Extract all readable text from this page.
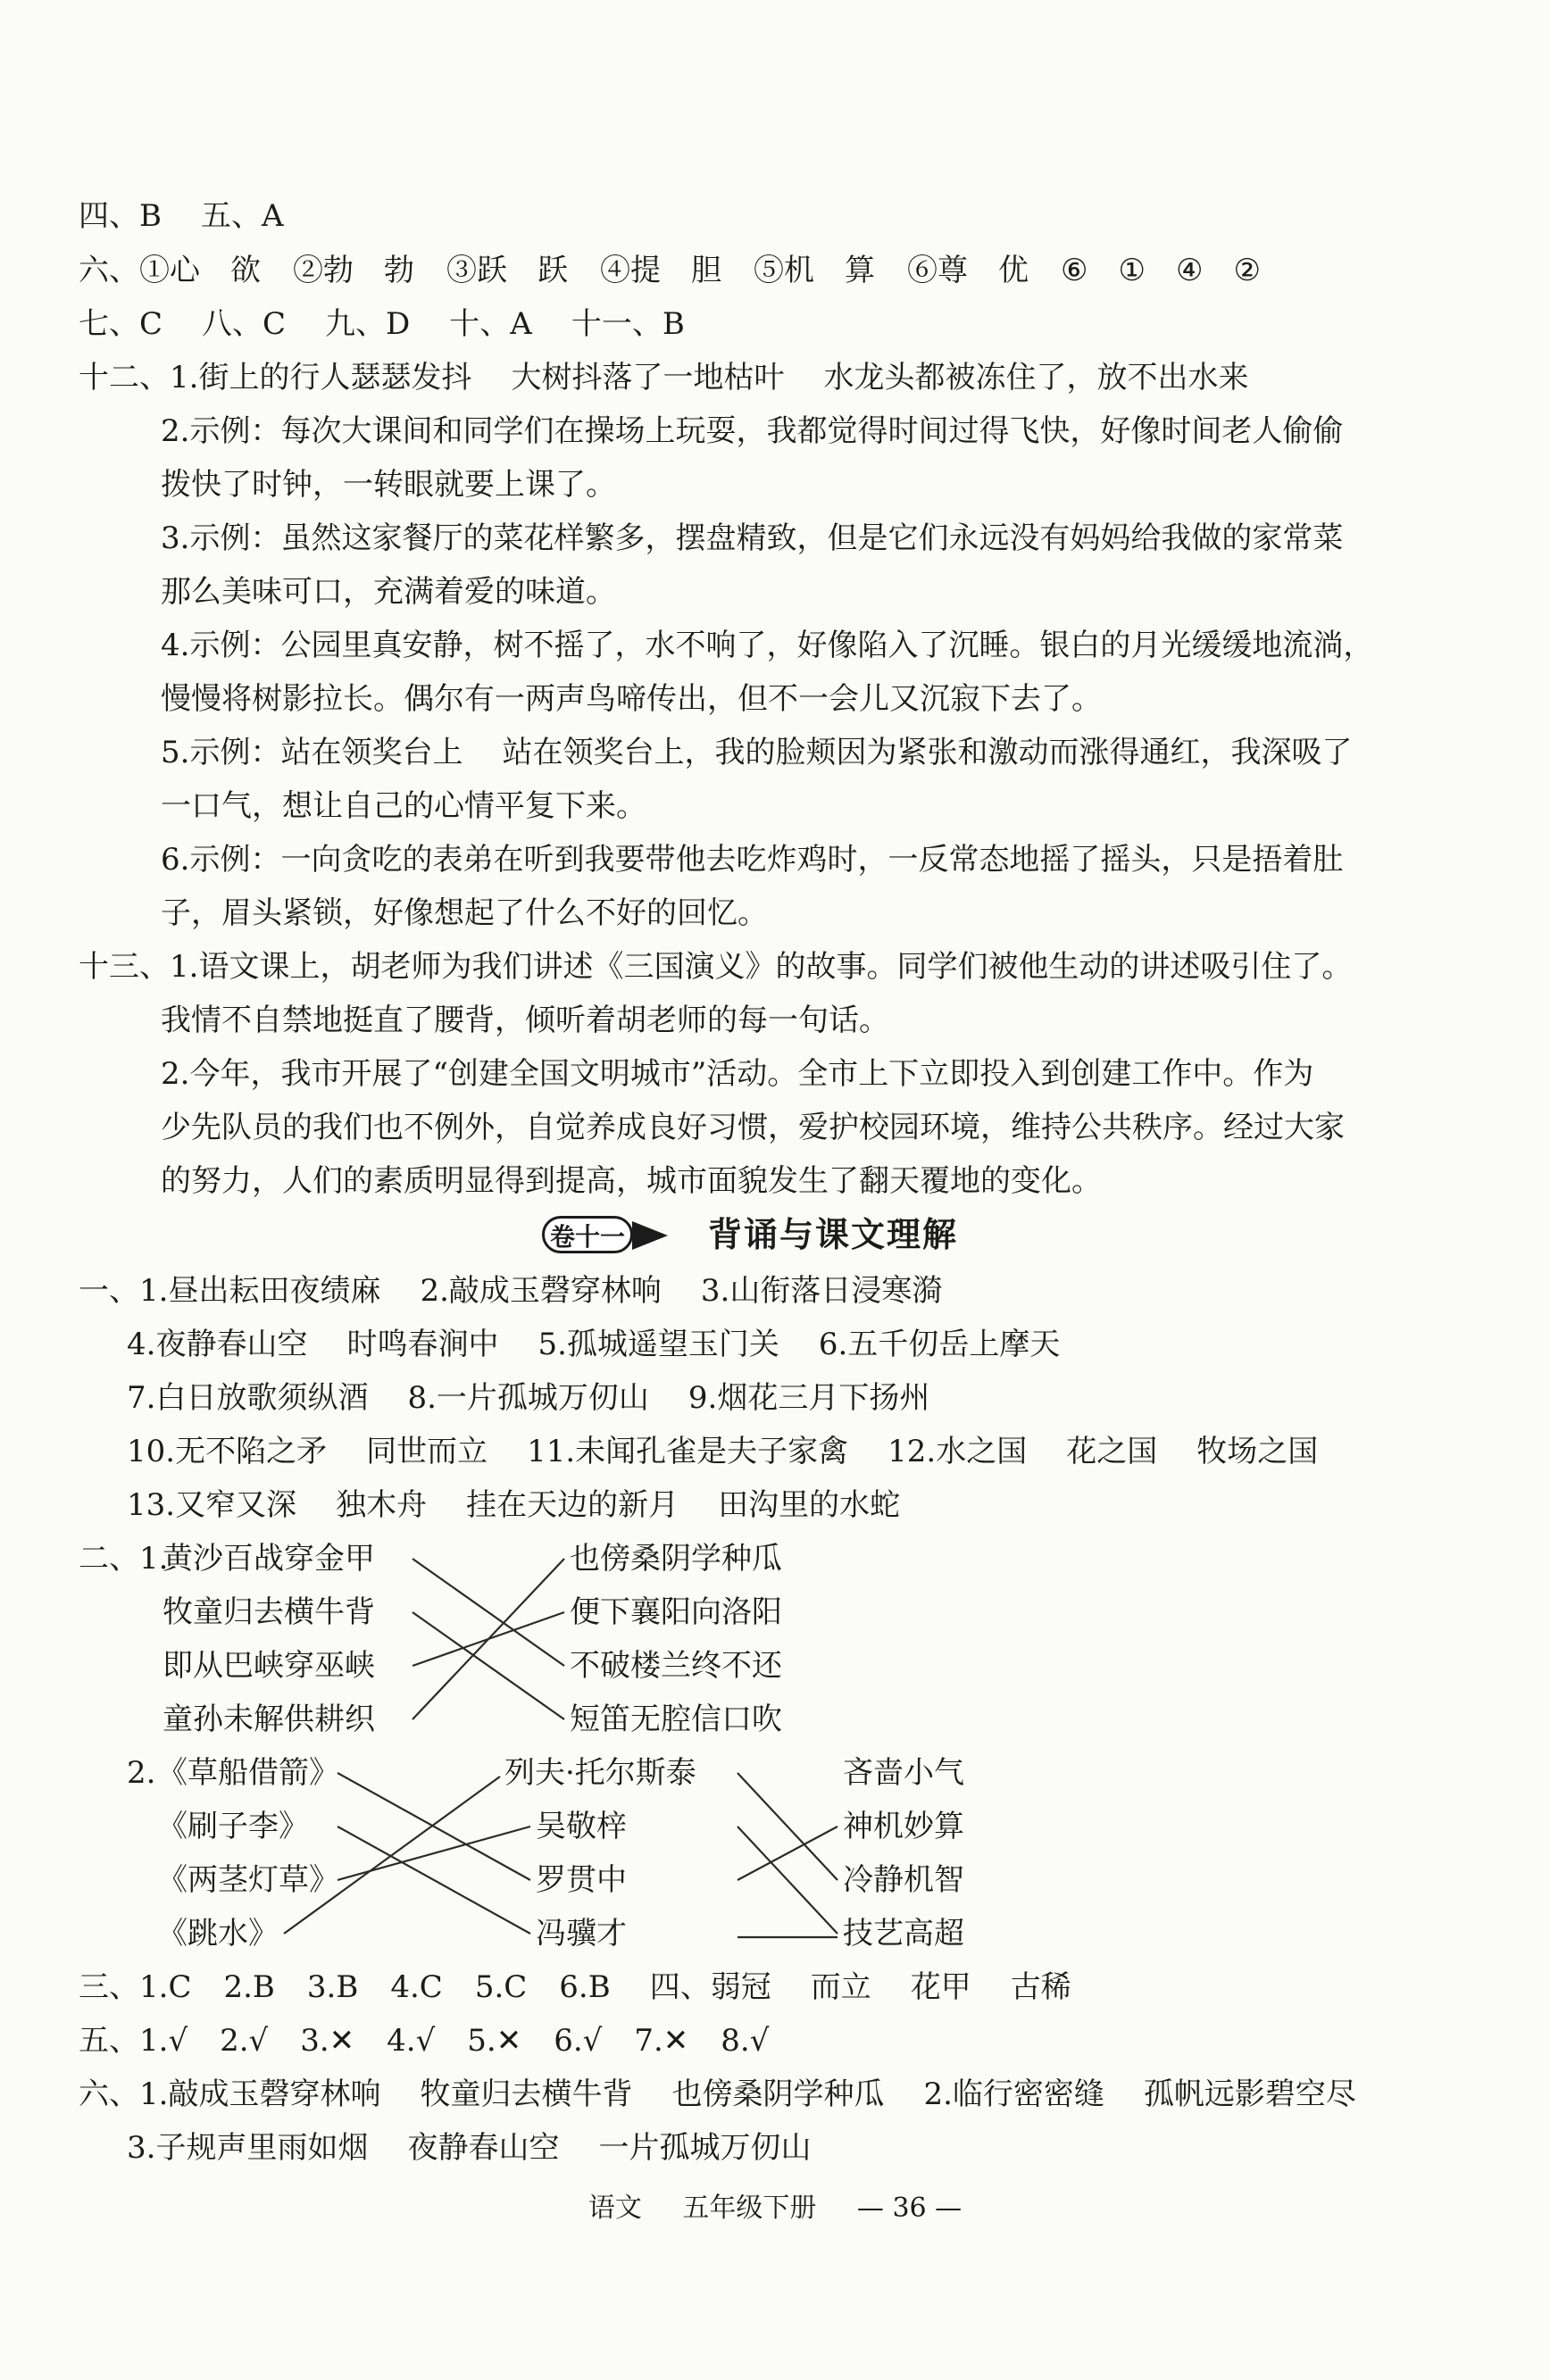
四、B 五、A
六、①心　欲 ②勃　勃 ③跃　跃 ④提　胆 ⑤机　算 ⑥尊　优 ⑥　①　④　②
七、C 八、C 九、D 十、A 十一、B
十二、1.街上的行人瑟瑟发抖 大树抖落了一地枯叶 水龙头都被冻住了，放不出水来
2.示例：每次大课间和同学们在操场上玩耍，我都觉得时间过得飞快，好像时间老人偷偷
拨快了时钟，一转眼就要上课了。
3.示例：虽然这家餐厅的菜花样繁多，摆盘精致，但是它们永远没有妈妈给我做的家常菜
那么美味可口，充满着爱的味道。
4.示例：公园里真安静，树不摇了，水不响了，好像陷入了沉睡。银白的月光缓缓地流淌，
慢慢将树影拉长。偶尔有一两声鸟啼传出，但不一会儿又沉寂下去了。
5.示例：站在领奖台上 站在领奖台上，我的脸颊因为紧张和激动而涨得通红，我深吸了
一口气，想让自己的心情平复下来。
6.示例：一向贪吃的表弟在听到我要带他去吃炸鸡时，一反常态地摇了摇头，只是捂着肚
子，眉头紧锁，好像想起了什么不好的回忆。
十三、1.语文课上，胡老师为我们讲述《三国演义》的故事。同学们被他生动的讲述吸引住了。
我情不自禁地挺直了腰背，倾听着胡老师的每一句话。
2.今年，我市开展了“创建全国文明城市”活动。全市上下立即投入到创建工作中。作为
少先队员的我们也不例外，自觉养成良好习惯，爱护校园环境，维持公共秩序。经过大家
的努力，人们的素质明显得到提高，城市面貌发生了翻天覆地的变化。
卷十一 背诵与课文理解
一、1.昼出耘田夜绩麻 2.敲成玉磬穿林响 3.山衔落日浸寒漪
4.夜静春山空 时鸣春涧中 5.孤城遥望玉门关 6.五千仞岳上摩天
7.白日放歌须纵酒 8.一片孤城万仞山 9.烟花三月下扬州
10.无不陷之矛 同世而立 11.未闻孔雀是夫子家禽 12.水之国 花之国 牧场之国
13.又窄又深 独木舟 挂在天边的新月 田沟里的水蛇
二、1.
黄沙百战穿金甲
牧童归去横牛背
即从巴峡穿巫峡
童孙未解供耕织
也傍桑阴学种瓜
便下襄阳向洛阳
不破楼兰终不还
短笛无腔信口吹
2. 《草船借箭》
《刷子李》
《两茎灯草》
《跳水》
列夫·托尔斯泰
吴敬梓
罗贯中
冯骥才
吝啬小气
神机妙算
冷静机智
技艺高超
三、1.C 2.B 3.B 4.C 5.C 6.B 四、弱冠 而立 花甲 古稀
五、1.√ 2.√ 3.✕ 4.√ 5.✕ 6.√ 7.✕ 8.√
六、1.敲成玉磬穿林响 牧童归去横牛背 也傍桑阴学种瓜 2.临行密密缝 孤帆远影碧空尽
3.子规声里雨如烟 夜静春山空 一片孤城万仞山
语文 五年级下册 — 36 —
